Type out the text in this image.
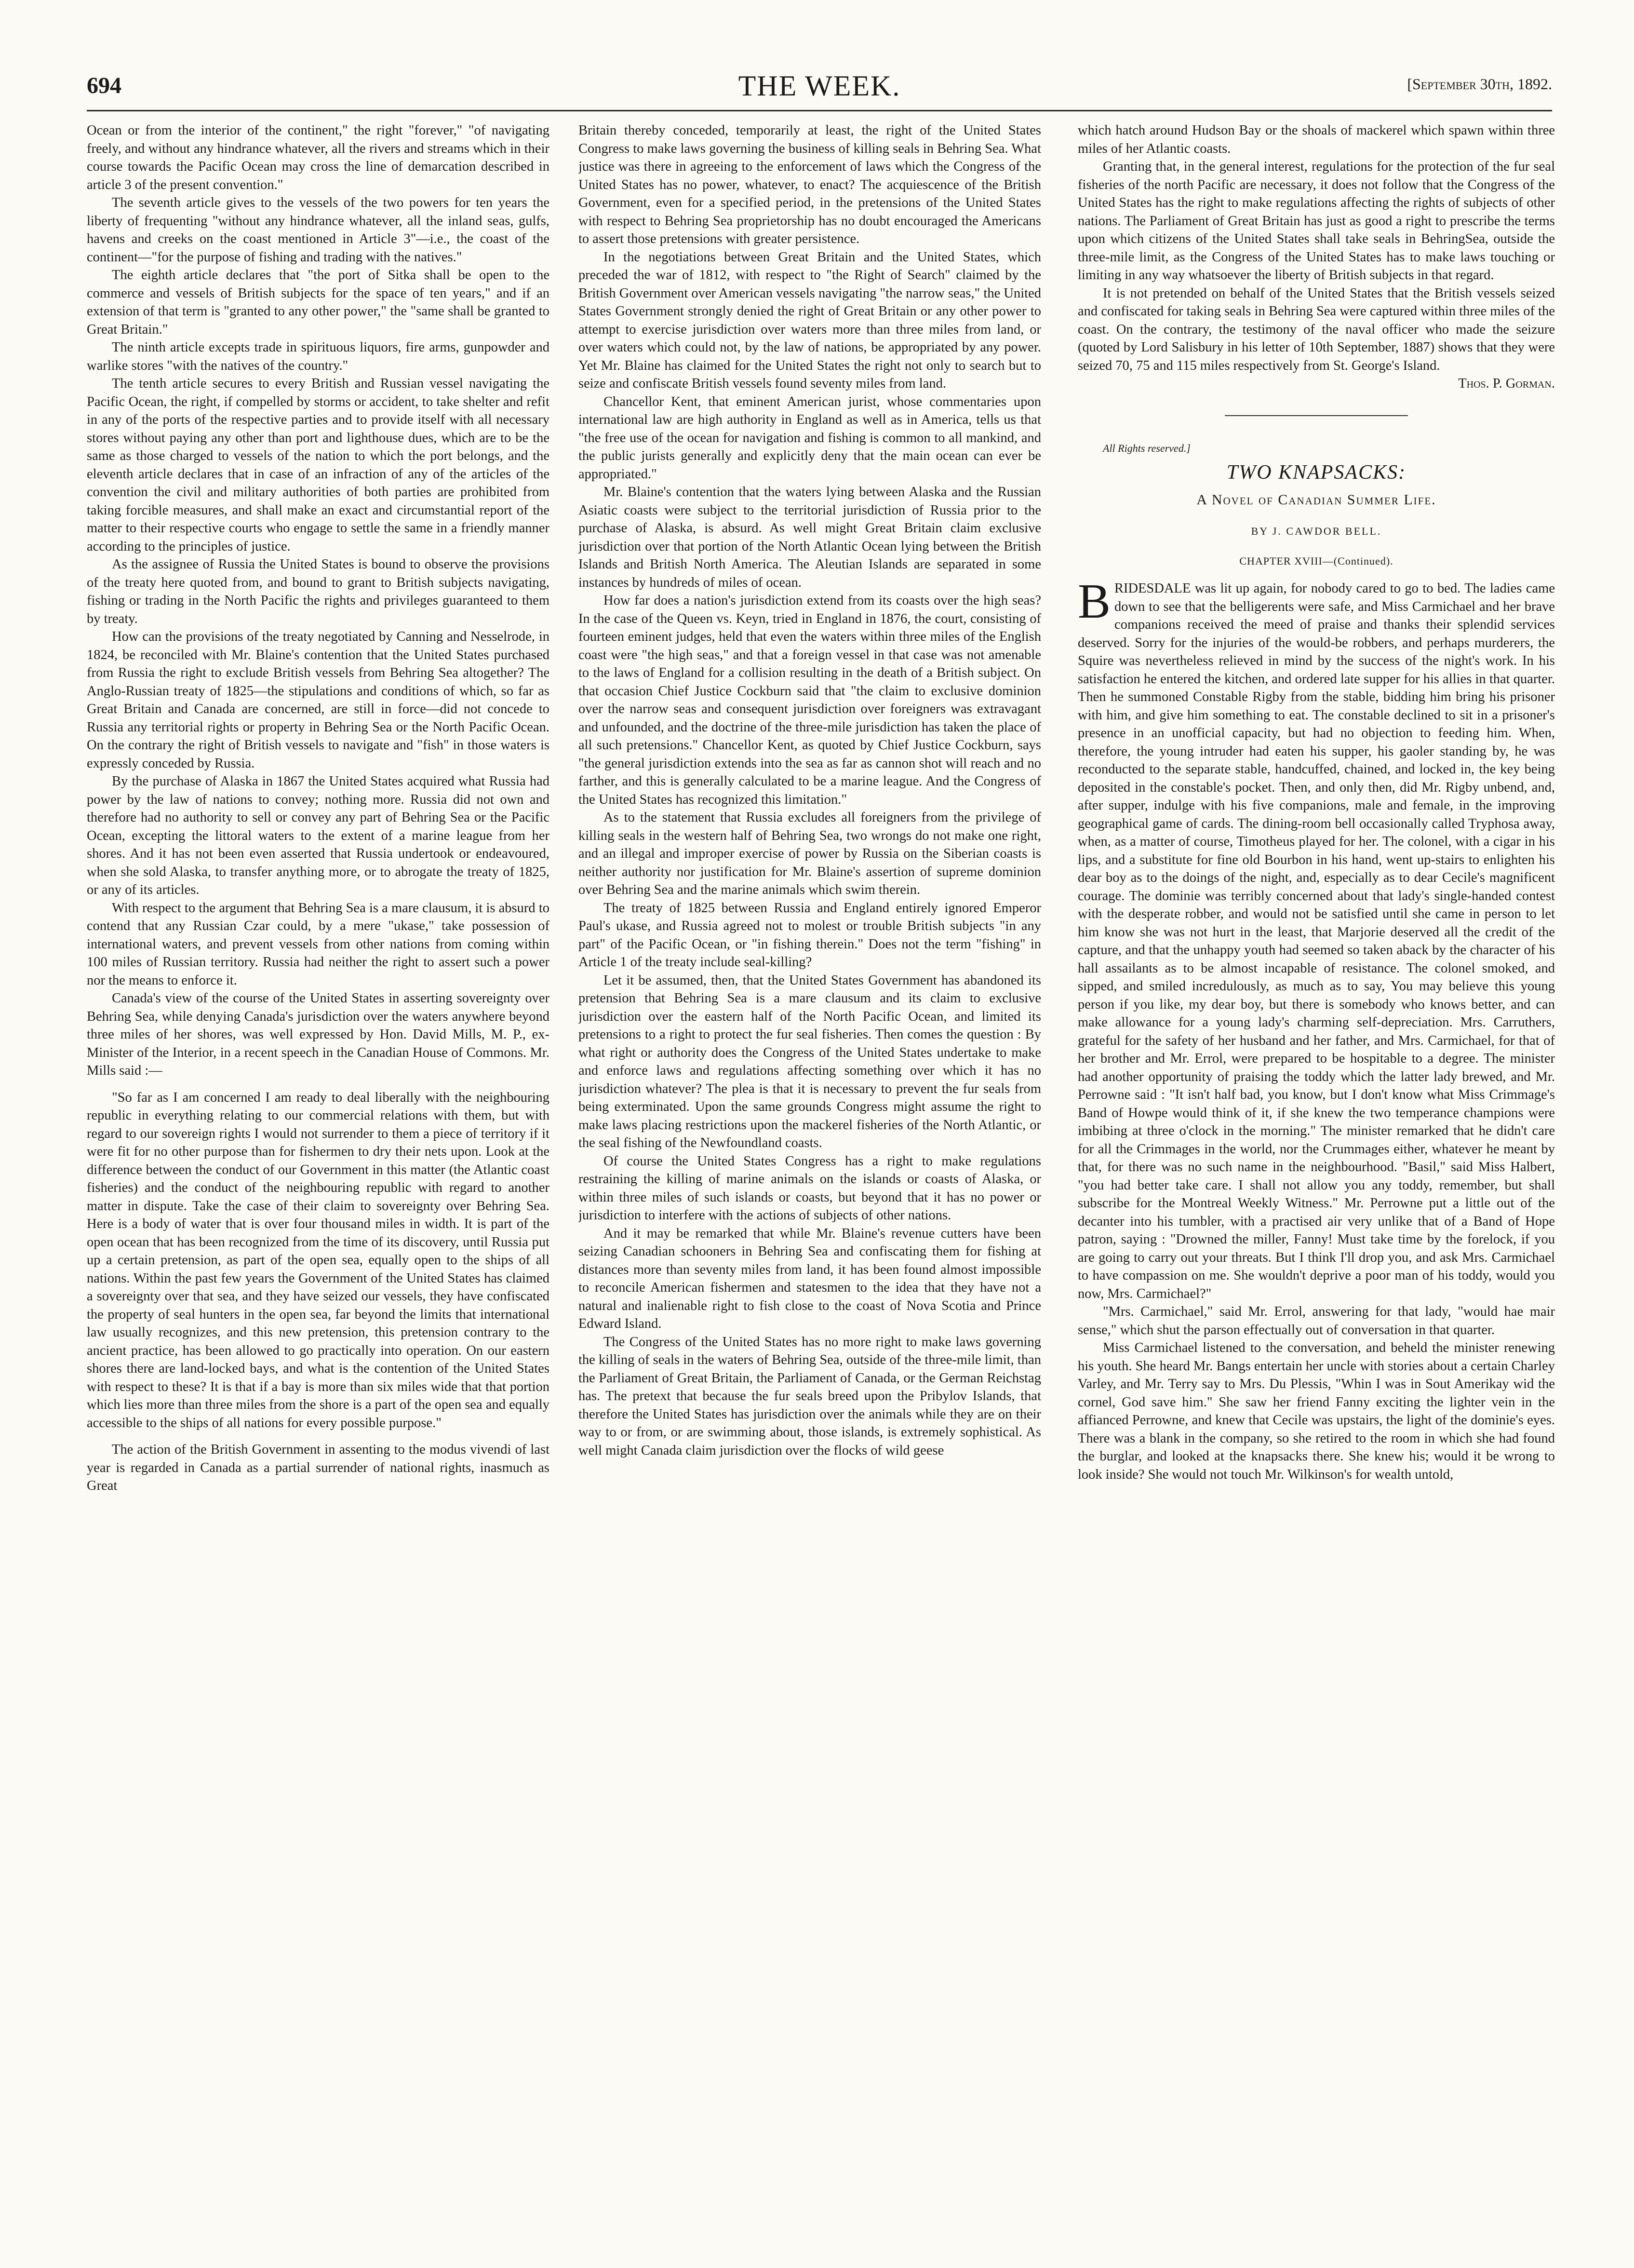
694	THE WEEK.	[September 30th, 1892.

Ocean or from the interior of the continent," the right "forever," "of navigating freely, and without any hindrance whatever, all the rivers and streams which in their course towards the Pacific Ocean may cross the line of demarcation described in article 3 of the present convention."

The seventh article gives to the vessels of the two powers for ten years the liberty of frequenting "without any hindrance whatever, all the inland seas, gulfs, havens and creeks on the coast mentioned in Article 3"—i.e., the coast of the continent—"for the purpose of fishing and trading with the natives."

The eighth article declares that "the port of Sitka shall be open to the commerce and vessels of British subjects for the space of ten years," and if an extension of that term is "granted to any other power," the "same shall be granted to Great Britain."

The ninth article excepts trade in spirituous liquors, fire arms, gunpowder and warlike stores "with the natives of the country."

The tenth article secures to every British and Russian vessel navigating the Pacific Ocean, the right, if compelled by storms or accident, to take shelter and refit in any of the ports of the respective parties and to provide itself with all necessary stores without paying any other than port and lighthouse dues, which are to be the same as those charged to vessels of the nation to which the port belongs, and the eleventh article declares that in case of an infraction of any of the articles of the convention the civil and military authorities of both parties are prohibited from taking forcible measures, and shall make an exact and circumstantial report of the matter to their respective courts who engage to settle the same in a friendly manner according to the principles of justice.

As the assignee of Russia the United States is bound to observe the provisions of the treaty here quoted from, and bound to grant to British subjects navigating, fishing or trading in the North Pacific the rights and privileges guaranteed to them by treaty.

How can the provisions of the treaty negotiated by Canning and Nesselrode, in 1824, be reconciled with Mr. Blaine's contention that the United States purchased from Russia the right to exclude British vessels from Behring Sea altogether? The Anglo-Russian treaty of 1825—the stipulations and conditions of which, so far as Great Britain and Canada are concerned, are still in force—did not concede to Russia any territorial rights or property in Behring Sea or the North Pacific Ocean. On the contrary the right of British vessels to navigate and "fish" in those waters is expressly conceded by Russia.

By the purchase of Alaska in 1867 the United States acquired what Russia had power by the law of nations to convey; nothing more. Russia did not own and therefore had no authority to sell or convey any part of Behring Sea or the Pacific Ocean, excepting the littoral waters to the extent of a marine league from her shores. And it has not been even asserted that Russia undertook or endeavoured, when she sold Alaska, to transfer anything more, or to abrogate the treaty of 1825, or any of its articles.

With respect to the argument that Behring Sea is a mare clausum, it is absurd to contend that any Russian Czar could, by a mere "ukase," take possession of international waters, and prevent vessels from other nations from coming within 100 miles of Russian territory. Russia had neither the right to assert such a power nor the means to enforce it.

Canada's view of the course of the United States in asserting sovereignty over Behring Sea, while denying Canada's jurisdiction over the waters anywhere beyond three miles of her shores, was well expressed by Hon. David Mills, M. P., ex-Minister of the Interior, in a recent speech in the Canadian House of Commons. Mr. Mills said :—

"So far as I am concerned I am ready to deal liberally with the neighbouring republic in everything relating to our commercial relations with them, but with regard to our sovereign rights I would not surrender to them a piece of territory if it were fit for no other purpose than for fishermen to dry their nets upon. Look at the difference between the conduct of our Government in this matter (the Atlantic coast fisheries) and the conduct of the neighbouring republic with regard to another matter in dispute. Take the case of their claim to sovereignty over Behring Sea. Here is a body of water that is over four thousand miles in width. It is part of the open ocean that has been recognized from the time of its discovery, until Russia put up a certain pretension, as part of the open sea, equally open to the ships of all nations. Within the past few years the Government of the United States has claimed a sovereignty over that sea, and they have seized our vessels, they have confiscated the property of seal hunters in the open sea, far beyond the limits that international law usually recognizes, and this new pretension, this pretension contrary to the ancient practice, has been allowed to go practically into operation. On our eastern shores there are land-locked bays, and what is the contention of the United States with respect to these? It is that if a bay is more than six miles wide that that portion which lies more than three miles from the shore is a part of the open sea and equally accessible to the ships of all nations for every possible purpose."

The action of the British Government in assenting to the modus vivendi of last year is regarded in Canada as a partial surrender of national rights, inasmuch as Great

Britain thereby conceded, temporarily at least, the right of the United States Congress to make laws governing the business of killing seals in Behring Sea. What justice was there in agreeing to the enforcement of laws which the Congress of the United States has no power, whatever, to enact? The acquiescence of the British Government, even for a specified period, in the pretensions of the United States with respect to Behring Sea proprietorship has no doubt encouraged the Americans to assert those pretensions with greater persistence.

In the negotiations between Great Britain and the United States, which preceded the war of 1812, with respect to "the Right of Search" claimed by the British Government over American vessels navigating "the narrow seas," the United States Government strongly denied the right of Great Britain or any other power to attempt to exercise jurisdiction over waters more than three miles from land, or over waters which could not, by the law of nations, be appropriated by any power. Yet Mr. Blaine has claimed for the United States the right not only to search but to seize and confiscate British vessels found seventy miles from land.

Chancellor Kent, that eminent American jurist, whose commentaries upon international law are high authority in England as well as in America, tells us that "the free use of the ocean for navigation and fishing is common to all mankind, and the public jurists generally and explicitly deny that the main ocean can ever be appropriated."

Mr. Blaine's contention that the waters lying between Alaska and the Russian Asiatic coasts were subject to the territorial jurisdiction of Russia prior to the purchase of Alaska, is absurd. As well might Great Britain claim exclusive jurisdiction over that portion of the North Atlantic Ocean lying between the British Islands and British North America. The Aleutian Islands are separated in some instances by hundreds of miles of ocean.

How far does a nation's jurisdiction extend from its coasts over the high seas? In the case of the Queen vs. Keyn, tried in England in 1876, the court, consisting of fourteen eminent judges, held that even the waters within three miles of the English coast were "the high seas," and that a foreign vessel in that case was not amenable to the laws of England for a collision resulting in the death of a British subject. On that occasion Chief Justice Cockburn said that "the claim to exclusive dominion over the narrow seas and consequent jurisdiction over foreigners was extravagant and unfounded, and the doctrine of the three-mile jurisdiction has taken the place of all such pretensions." Chancellor Kent, as quoted by Chief Justice Cockburn, says "the general jurisdiction extends into the sea as far as cannon shot will reach and no farther, and this is generally calculated to be a marine league. And the Congress of the United States has recognized this limitation."

As to the statement that Russia excludes all foreigners from the privilege of killing seals in the western half of Behring Sea, two wrongs do not make one right, and an illegal and improper exercise of power by Russia on the Siberian coasts is neither authority nor justification for Mr. Blaine's assertion of supreme dominion over Behring Sea and the marine animals which swim therein.

The treaty of 1825 between Russia and England entirely ignored Emperor Paul's ukase, and Russia agreed not to molest or trouble British subjects "in any part" of the Pacific Ocean, or "in fishing therein." Does not the term "fishing" in Article 1 of the treaty include seal-killing?

Let it be assumed, then, that the United States Government has abandoned its pretension that Behring Sea is a mare clausum and its claim to exclusive jurisdiction over the eastern half of the North Pacific Ocean, and limited its pretensions to a right to protect the fur seal fisheries. Then comes the question : By what right or authority does the Congress of the United States undertake to make and enforce laws and regulations affecting something over which it has no jurisdiction whatever? The plea is that it is necessary to prevent the fur seals from being exterminated. Upon the same grounds Congress might assume the right to make laws placing restrictions upon the mackerel fisheries of the North Atlantic, or the seal fishing of the Newfoundland coasts.

Of course the United States Congress has a right to make regulations restraining the killing of marine animals on the islands or coasts of Alaska, or within three miles of such islands or coasts, but beyond that it has no power or jurisdiction to interfere with the actions of subjects of other nations.

And it may be remarked that while Mr. Blaine's revenue cutters have been seizing Canadian schooners in Behring Sea and confiscating them for fishing at distances more than seventy miles from land, it has been found almost impossible to reconcile American fishermen and statesmen to the idea that they have not a natural and inalienable right to fish close to the coast of Nova Scotia and Prince Edward Island.

The Congress of the United States has no more right to make laws governing the killing of seals in the waters of Behring Sea, outside of the three-mile limit, than the Parliament of Great Britain, the Parliament of Canada, or the German Reichstag has. The pretext that because the fur seals breed upon the Pribylov Islands, that therefore the United States has jurisdiction over the animals while they are on their way to or from, or are swimming about, those islands, is extremely sophistical. As well might Canada claim jurisdiction over the flocks of wild geese

which hatch around Hudson Bay or the shoals of mackerel which spawn within three miles of her Atlantic coasts.

Granting that, in the general interest, regulations for the protection of the fur seal fisheries of the north Pacific are necessary, it does not follow that the Congress of the United States has the right to make regulations affecting the rights of subjects of other nations. The Parliament of Great Britain has just as good a right to prescribe the terms upon which citizens of the United States shall take seals in BehringSea, outside the three-mile limit, as the Congress of the United States has to make laws touching or limiting in any way whatsoever the liberty of British subjects in that regard.

It is not pretended on behalf of the United States that the British vessels seized and confiscated for taking seals in Behring Sea were captured within three miles of the coast. On the contrary, the testimony of the naval officer who made the seizure (quoted by Lord Salisbury in his letter of 10th September, 1887) shows that they were seized 70, 75 and 115 miles respectively from St. George's Island.

Thos. P. Gorman.

All Rights reserved.]

TWO KNAPSACKS:
A Novel of Canadian Summer Life.
BY J. CAWDOR BELL.
CHAPTER XVIII—(Continued).

BRIDESDALE was lit up again, for nobody cared to go to bed. The ladies came down to see that the belligerents were safe, and Miss Carmichael and her brave companions received the meed of praise and thanks their splendid services deserved. Sorry for the injuries of the would-be robbers, and perhaps murderers, the Squire was nevertheless relieved in mind by the success of the night's work. In his satisfaction he entered the kitchen, and ordered late supper for his allies in that quarter. Then he summoned Constable Rigby from the stable, bidding him bring his prisoner with him, and give him something to eat. The constable declined to sit in a prisoner's presence in an unofficial capacity, but had no objection to feeding him. When, therefore, the young intruder had eaten his supper, his gaoler standing by, he was reconducted to the separate stable, handcuffed, chained, and locked in, the key being deposited in the constable's pocket. Then, and only then, did Mr. Rigby unbend, and, after supper, indulge with his five companions, male and female, in the improving geographical game of cards. The dining-room bell occasionally called Tryphosa away, when, as a matter of course, Timotheus played for her. The colonel, with a cigar in his lips, and a substitute for fine old Bourbon in his hand, went up-stairs to enlighten his dear boy as to the doings of the night, and, especially as to dear Cecile's magnificent courage. The dominie was terribly concerned about that lady's single-handed contest with the desperate robber, and would not be satisfied until she came in person to let him know she was not hurt in the least, that Marjorie deserved all the credit of the capture, and that the unhappy youth had seemed so taken aback by the character of his hall assailants as to be almost incapable of resistance. The colonel smoked, and sipped, and smiled incredulously, as much as to say, You may believe this young person if you like, my dear boy, but there is somebody who knows better, and can make allowance for a young lady's charming self-depreciation. Mrs. Carruthers, grateful for the safety of her husband and her father, and Mrs. Carmichael, for that of her brother and Mr. Errol, were prepared to be hospitable to a degree. The minister had another opportunity of praising the toddy which the latter lady brewed, and Mr. Perrowne said : "It isn't half bad, you know, but I don't know what Miss Crimmage's Band of Howpe would think of it, if she knew the two temperance champions were imbibing at three o'clock in the morning." The minister remarked that he didn't care for all the Crimmages in the world, nor the Crummages either, whatever he meant by that, for there was no such name in the neighbourhood. "Basil," said Miss Halbert, "you had better take care. I shall not allow you any toddy, remember, but shall subscribe for the Montreal Weekly Witness." Mr. Perrowne put a little out of the decanter into his tumbler, with a practised air very unlike that of a Band of Hope patron, saying : "Drowned the miller, Fanny! Must take time by the forelock, if you are going to carry out your threats. But I think I'll drop you, and ask Mrs. Carmichael to have compassion on me. She wouldn't deprive a poor man of his toddy, would you now, Mrs. Carmichael?"

"Mrs. Carmichael," said Mr. Errol, answering for that lady, "would hae mair sense," which shut the parson effectually out of conversation in that quarter.

Miss Carmichael listened to the conversation, and beheld the minister renewing his youth. She heard Mr. Bangs entertain her uncle with stories about a certain Charley Varley, and Mr. Terry say to Mrs. Du Plessis, "Whin I was in Sout Amerikay wid the cornel, God save him." She saw her friend Fanny exciting the lighter vein in the affianced Perrowne, and knew that Cecile was upstairs, the light of the dominie's eyes. There was a blank in the company, so she retired to the room in which she had found the burglar, and looked at the knapsacks there. She knew his; would it be wrong to look inside? She would not touch Mr. Wilkinson's for wealth untold,
